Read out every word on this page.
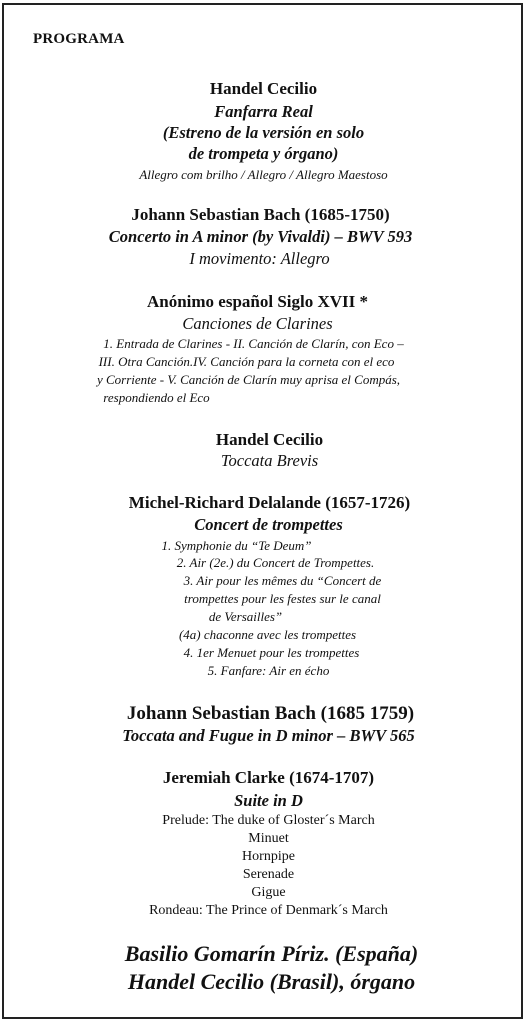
PROGRAMA
Handel Cecilio
Fanfarra Real
(Estreno de la versión en solo
de trompeta y órgano)
Allegro com brilho / Allegro / Allegro Maestoso
Johann Sebastian Bach (1685-1750)
Concerto in A minor (by Vivaldi) – BWV 593
I movimento: Allegro
Anónimo español Siglo XVII *
Canciones de Clarines
1. Entrada de Clarines - II. Canción de Clarín, con Eco –
III. Otra Canción.IV. Canción para la corneta con el eco
y Corriente - V. Canción de Clarín muy aprisa el Compás,
respondiendo el Eco
Handel Cecilio
Toccata Brevis
Michel-Richard Delalande (1657-1726)
Concert de trompettes
1. Symphonie du “Te Deum”
2. Air (2e.) du Concert de Trompettes.
3. Air pour les mêmes du “Concert de
trompettes pour les festes sur le canal
de Versailles”
(4a) chaconne avec les trompettes
4. 1er Menuet pour les trompettes
5. Fanfare: Air en écho
Johann Sebastian Bach (1685 1759)
Toccata and Fugue in D minor – BWV 565
Jeremiah Clarke (1674-1707)
Suite in D
Prelude: The duke of Gloster´s March
Minuet
Hornpipe
Serenade
Gigue
Rondeau: The Prince of Denmark´s March
Basilio Gomarín Píriz. (España)
Handel Cecilio (Brasil), órgano
